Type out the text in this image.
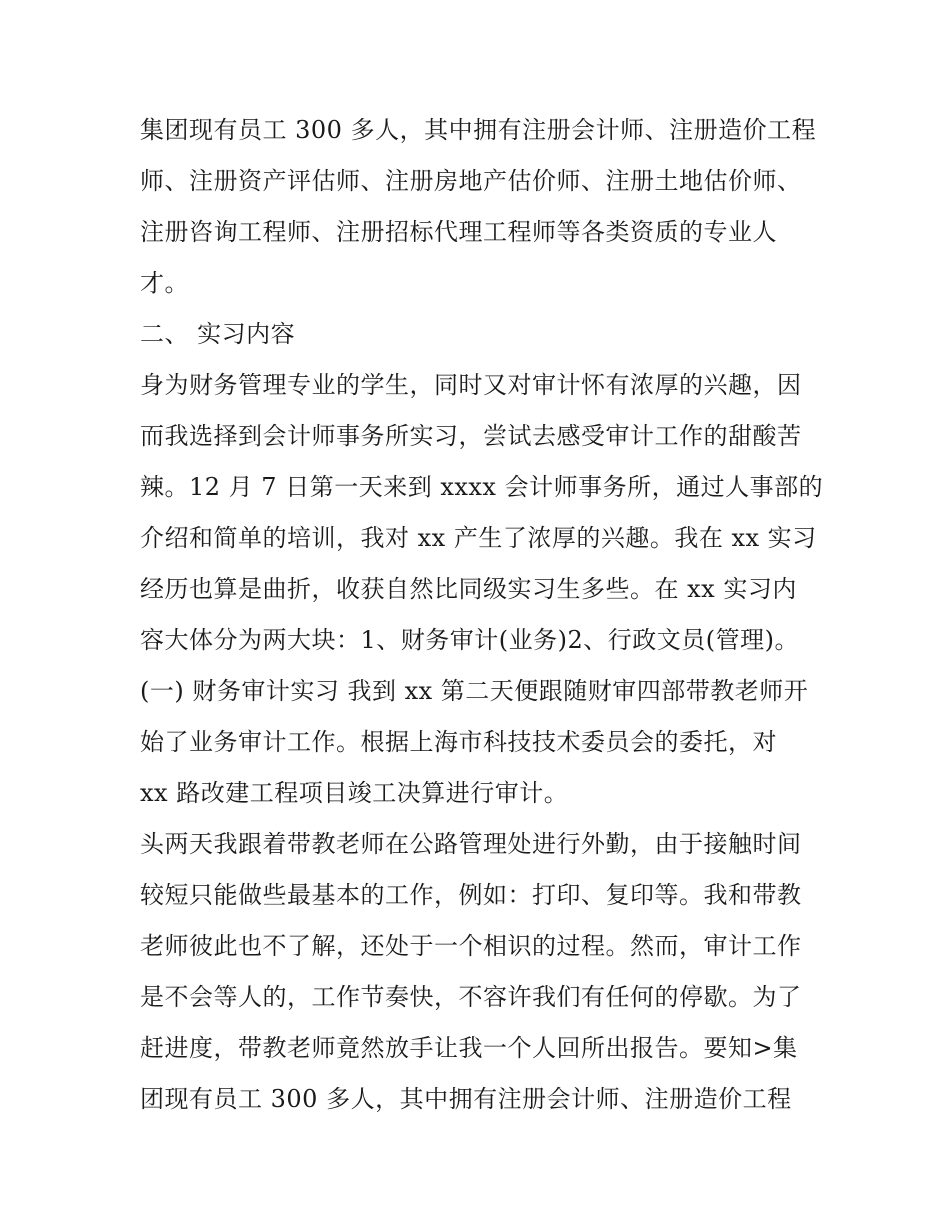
集团现有员工 300 多人，其中拥有注册会计师、注册造价工程
师、注册资产评估师、注册房地产估价师、注册土地估价师、
注册咨询工程师、注册招标代理工程师等各类资质的专业人
才。
二、 实习内容
身为财务管理专业的学生，同时又对审计怀有浓厚的兴趣，因
而我选择到会计师事务所实习，尝试去感受审计工作的甜酸苦
辣。12 月 7 日第一天来到 xxxx 会计师事务所，通过人事部的
介绍和简单的培训，我对 xx 产生了浓厚的兴趣。我在 xx 实习
经历也算是曲折，收获自然比同级实习生多些。在 xx 实习内
容大体分为两大块：1、财务审计(业务)2、行政文员(管理)。
(一) 财务审计实习 我到 xx 第二天便跟随财审四部带教老师开
始了业务审计工作。根据上海市科技技术委员会的委托，对
xx 路改建工程项目竣工决算进行审计。
头两天我跟着带教老师在公路管理处进行外勤，由于接触时间
较短只能做些最基本的工作，例如：打印、复印等。我和带教
老师彼此也不了解，还处于一个相识的过程。然而，审计工作
是不会等人的，工作节奏快，不容许我们有任何的停歇。为了
赶进度，带教老师竟然放手让我一个人回所出报告。要知>集
团现有员工 300 多人，其中拥有注册会计师、注册造价工程
